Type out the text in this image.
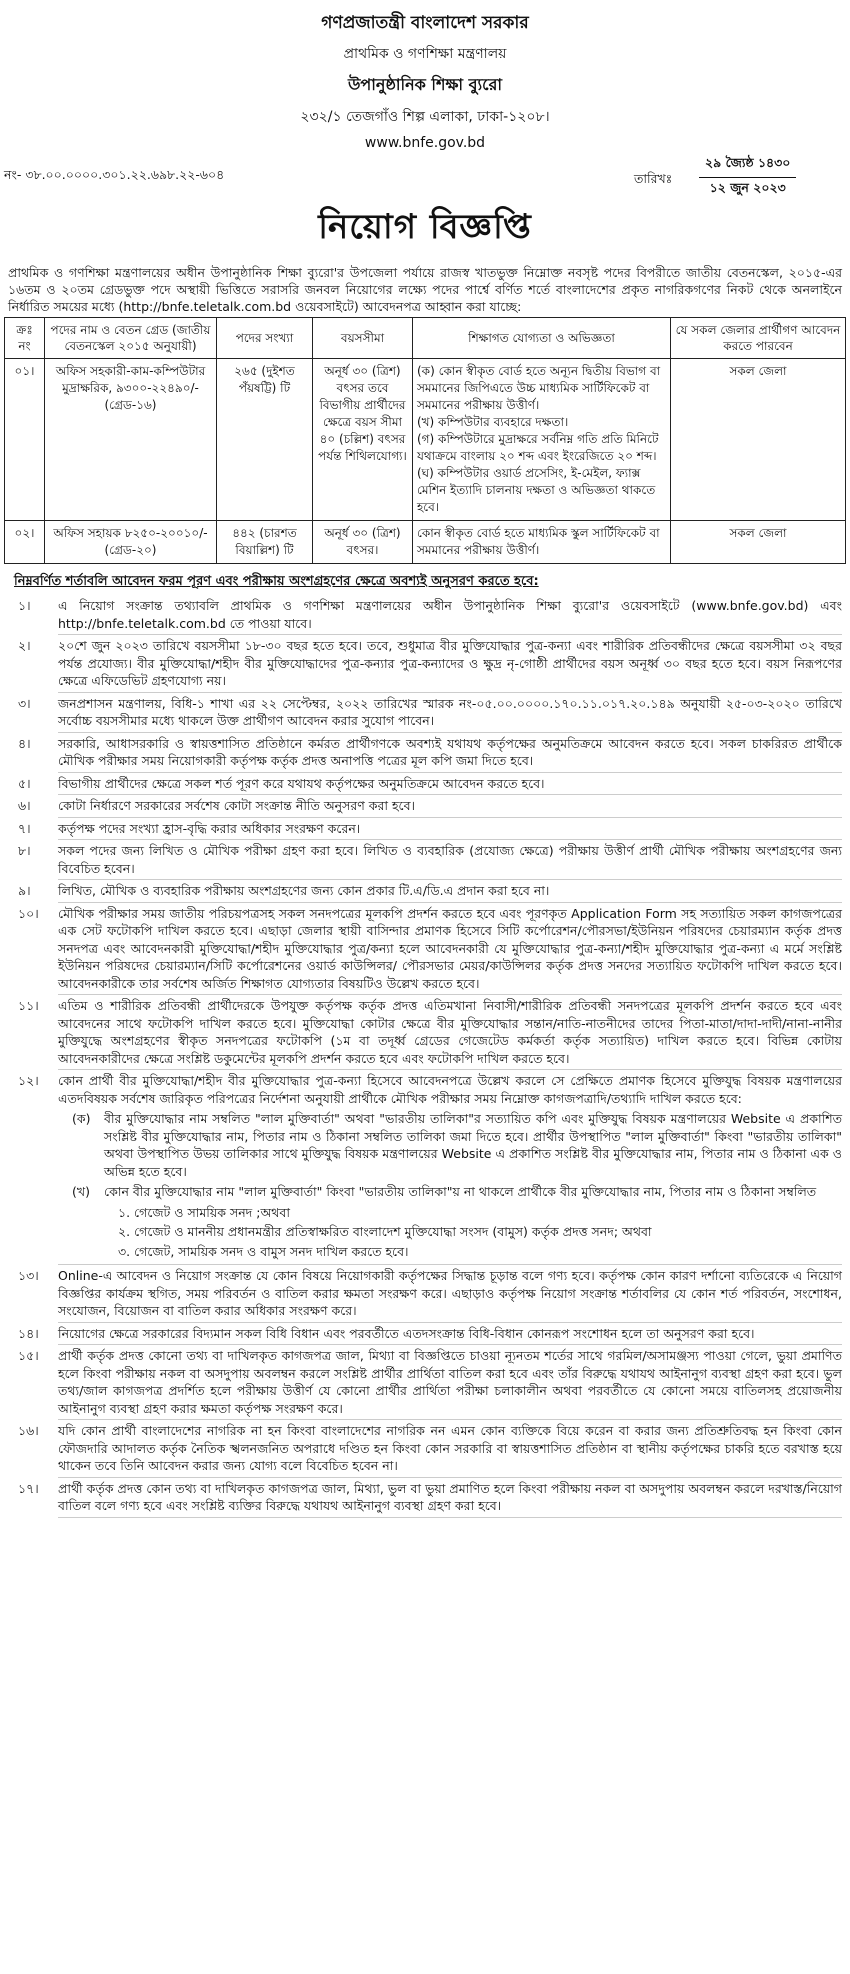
গণপ্রজাতন্ত্রী বাংলাদেশ সরকার
প্রাথমিক ও গণশিক্ষা মন্ত্রণালয়
উপানুষ্ঠানিক শিক্ষা ব্যুরো
২৩২/১ তেজগাঁও শিল্প এলাকা, ঢাকা-১২০৮।
www.bnfe.gov.bd
নং- ৩৮.০০.০০০০.৩০১.২২.৬৯৮.২২-৬০৪	তারিখঃ
২৯ জ্যৈষ্ঠ ১৪৩০
১২ জুন ২০২৩
নিয়োগ বিজ্ঞপ্তি
প্রাথমিক ও গণশিক্ষা মন্ত্রণালয়ের অধীন উপানুষ্ঠানিক শিক্ষা ব্যুরো'র উপজেলা পর্যায়ে রাজস্ব খাতভুক্ত নিম্নোক্ত নবসৃষ্ট পদের বিপরীতে জাতীয় বেতনস্কেল, ২০১৫-এর ১৬তম ও ২০তম গ্রেডভুক্ত পদে অস্থায়ী ভিত্তিতে সরাসরি জনবল নিয়োগের লক্ষ্যে পদের পার্শ্বে বর্ণিত শর্তে বাংলাদেশের প্রকৃত নাগরিকগণের নিকট থেকে অনলাইনে নির্ধারিত সময়ের মধ্যে (http://bnfe.teletalk.com.bd ওয়েবসাইটে) আবেদনপত্র আহ্বান করা যাচ্ছে:
ক্রঃ নং	পদের নাম ও বেতন গ্রেড (জাতীয় বেতনস্কেল ২০১৫ অনুযায়ী)	পদের সংখ্যা	বয়সসীমা	শিক্ষাগত যোগ্যতা ও অভিজ্ঞতা	যে সকল জেলার প্রার্থীগণ আবেদন করতে পারবেন
০১।	অফিস সহকারী-কাম-কম্পিউটার মুদ্রাক্ষরিক, ৯৩০০-২২৪৯০/- (গ্রেড-১৬)	২৬৫ (দুইশত পঁয়ষট্টি) টি	অনূর্ধ ৩০ (ত্রিশ) বৎসর তবে বিভাগীয় প্রার্থীদের ক্ষেত্রে বয়স সীমা ৪০ (চল্লিশ) বৎসর পর্যন্ত শিথিলযোগ্য।	(ক) কোন স্বীকৃত বোর্ড হতে অন্যূন দ্বিতীয় বিভাগ বা সমমানের জিপিএতে উচ্চ মাধ্যমিক সার্টিফিকেট বা সমমানের পরীক্ষায় উত্তীর্ণ।
(খ) কম্পিউটার ব্যবহারে দক্ষতা।
(গ) কম্পিউটারে মুদ্রাক্ষরে সর্বনিম্ন গতি প্রতি মিনিটে যথাক্রমে বাংলায় ২০ শব্দ এবং ইংরেজিতে ২০ শব্দ।
(ঘ) কম্পিউটার ওয়ার্ড প্রসেসিং, ই-মেইল, ফ্যাক্স মেশিন ইত্যাদি চালনায় দক্ষতা ও অভিজ্ঞতা থাকতে হবে।	সকল জেলা
০২।	অফিস সহায়ক ৮২৫০-২০০১০/- (গ্রেড-২০)	৪৪২ (চারশত বিয়াল্লিশ) টি	অনূর্ধ ৩০ (ত্রিশ) বৎসর।	কোন স্বীকৃত বোর্ড হতে মাধ্যমিক স্কুল সার্টিফিকেট বা সমমানের পরীক্ষায় উত্তীর্ণ।	সকল জেলা
নিম্নবর্ণিত শর্তাবলি আবেদন ফরম পূরণ এবং পরীক্ষায় অংশগ্রহণের ক্ষেত্রে অবশ্যই অনুসরণ করতে হবে:
১।	এ নিয়োগ সংক্রান্ত তথ্যাবলি প্রাথমিক ও গণশিক্ষা মন্ত্রণালয়ের অধীন উপানুষ্ঠানিক শিক্ষা ব্যুরো'র ওয়েবসাইটে (www.bnfe.gov.bd) এবং http://bnfe.teletalk.com.bd তে পাওয়া যাবে।
২।	২০শে জুন ২০২৩ তারিখে বয়সসীমা ১৮-৩০ বছর হতে হবে। তবে, শুধুমাত্র বীর মুক্তিযোদ্ধার পুত্র-কন্যা এবং শারীরিক প্রতিবন্ধীদের ক্ষেত্রে বয়সসীমা ৩২ বছর পর্যন্ত প্রযোজ্য। বীর মুক্তিযোদ্ধা/শহীদ বীর মুক্তিযোদ্ধাদের পুত্র-কন্যার পুত্র-কন্যাদের ও ক্ষুদ্র নৃ-গোষ্ঠী প্রার্থীদের বয়স অনূর্ধ্ব ৩০ বছর হতে হবে। বয়স নিরূপণের ক্ষেত্রে এফিডেভিট গ্রহণযোগ্য নয়।
৩।	জনপ্রশাসন মন্ত্রণালয়, বিধি-১ শাখা এর ২২ সেপ্টেম্বর, ২০২২ তারিখের স্মারক নং-০৫.০০.০০০০.১৭০.১১.০১৭.২০.১৪৯ অনুযায়ী ২৫-০৩-২০২০ তারিখে সর্বোচ্চ বয়সসীমার মধ্যে থাকলে উক্ত প্রার্থীগণ আবেদন করার সুযোগ পাবেন।
৪।	সরকারি, আধাসরকারি ও স্বায়ত্তশাসিত প্রতিষ্ঠানে কর্মরত প্রার্থীগণকে অবশ্যই যথাযথ কর্তৃপক্ষের অনুমতিক্রমে আবেদন করতে হবে। সকল চাকরিরত প্রার্থীকে মৌখিক পরীক্ষার সময় নিয়োগকারী কর্তৃপক্ষ কর্তৃক প্রদত্ত অনাপত্তি পত্রের মূল কপি জমা দিতে হবে।
৫।	বিভাগীয় প্রার্থীদের ক্ষেত্রে সকল শর্ত পূরণ করে যথাযথ কর্তৃপক্ষের অনুমতিক্রমে আবেদন করতে হবে।
৬।	কোটা নির্ধারণে সরকারের সর্বশেষ কোটা সংক্রান্ত নীতি অনুসরণ করা হবে।
৭।	কর্তৃপক্ষ পদের সংখ্যা হ্রাস-বৃদ্ধি করার অধিকার সংরক্ষণ করেন।
৮।	সকল পদের জন্য লিখিত ও মৌখিক পরীক্ষা গ্রহণ করা হবে। লিখিত ও ব্যবহারিক (প্রযোজ্য ক্ষেত্রে) পরীক্ষায় উত্তীর্ণ প্রার্থী মৌখিক পরীক্ষায় অংশগ্রহণের জন্য বিবেচিত হবেন।
৯।	লিখিত, মৌখিক ও ব্যবহারিক পরীক্ষায় অংশগ্রহণের জন্য কোন প্রকার টি.এ/ডি.এ প্রদান করা হবে না।
১০।	মৌখিক পরীক্ষার সময় জাতীয় পরিচয়পত্রসহ সকল সনদপত্রের মূলকপি প্রদর্শন করতে হবে এবং পূরণকৃত Application Form সহ সত্যায়িত সকল কাগজপত্রের এক সেট ফটোকপি দাখিল করতে হবে। এছাড়া জেলার স্থায়ী বাসিন্দার প্রমাণক হিসেবে সিটি কর্পোরেশন/পৌরসভা/ইউনিয়ন পরিষদের চেয়ারম্যান কর্তৃক প্রদত্ত সনদপত্র এবং আবেদনকারী মুক্তিযোদ্ধা/শহীদ মুক্তিযোদ্ধার পুত্র/কন্যা হলে আবেদনকারী যে মুক্তিযোদ্ধার পুত্র-কন্যা/শহীদ মুক্তিযোদ্ধার পুত্র-কন্যা এ মর্মে সংশ্লিষ্ট ইউনিয়ন পরিষদের চেয়ারম্যান/সিটি কর্পোরেশনের ওয়ার্ড কাউন্সিলর/ পৌরসভার মেয়র/কাউন্সিলর কর্তৃক প্রদত্ত সনদের সত্যায়িত ফটোকপি দাখিল করতে হবে। আবেদনকারীকে তার সর্বশেষ অর্জিত শিক্ষাগত যোগ্যতার বিষয়টিও উল্লেখ করতে হবে।
১১।	এতিম ও শারীরিক প্রতিবন্ধী প্রার্থীদেরকে উপযুক্ত কর্তৃপক্ষ কর্তৃক প্রদত্ত এতিমখানা নিবাসী/শারীরিক প্রতিবন্ধী সনদপত্রের মূলকপি প্রদর্শন করতে হবে এবং আবেদনের সাথে ফটোকপি দাখিল করতে হবে। মুক্তিযোদ্ধা কোটার ক্ষেত্রে বীর মুক্তিযোদ্ধার সন্তান/নাতি-নাতনীদের তাদের পিতা-মাতা/দাদা-দাদী/নানা-নানীর মুক্তিযুদ্ধে অংশগ্রহণের স্বীকৃত সনদপত্রের ফটোকপি (১ম বা তদূর্ধ্ব গ্রেডের গেজেটেড কর্মকর্তা কর্তৃক সত্যায়িত) দাখিল করতে হবে। বিভিন্ন কোটায় আবেদনকারীদের ক্ষেত্রে সংশ্লিষ্ট ডকুমেন্টের মূলকপি প্রদর্শন করতে হবে এবং ফটোকপি দাখিল করতে হবে।
১২।	কোন প্রার্থী বীর মুক্তিযোদ্ধা/শহীদ বীর মুক্তিযোদ্ধার পুত্র-কন্যা হিসেবে আবেদনপত্রে উল্লেখ করলে সে প্রেক্ষিতে প্রমাণক হিসেবে মুক্তিযুদ্ধ বিষয়ক মন্ত্রণালয়ের এতদবিষয়ক সর্বশেষ জারিকৃত পরিপত্রের নির্দেশনা অনুযায়ী প্রার্থীকে মৌখিক পরীক্ষার সময় নিম্নোক্ত কাগজপত্রাদি/তথ্যাদি দাখিল করতে হবে:
(ক)	বীর মুক্তিযোদ্ধার নাম সম্বলিত "লাল মুক্তিবার্তা" অথবা "ভারতীয় তালিকা"র সত্যায়িত কপি এবং মুক্তিযুদ্ধ বিষয়ক মন্ত্রণালয়ের Website এ প্রকাশিত সংশ্লিষ্ট বীর মুক্তিযোদ্ধার নাম, পিতার নাম ও ঠিকানা সম্বলিত তালিকা জমা দিতে হবে। প্রার্থীর উপস্থাপিত "লাল মুক্তিবার্তা" কিংবা "ভারতীয় তালিকা" অথবা উপস্থাপিত উভয় তালিকার সাথে মুক্তিযুদ্ধ বিষয়ক মন্ত্রণালয়ের Website এ প্রকাশিত সংশ্লিষ্ট বীর মুক্তিযোদ্ধার নাম, পিতার নাম ও ঠিকানা এক ও অভিন্ন হতে হবে।
(খ)	কোন বীর মুক্তিযোদ্ধার নাম "লাল মুক্তিবার্তা" কিংবা "ভারতীয় তালিকা"য় না থাকলে প্রার্থীকে বীর মুক্তিযোদ্ধার নাম, পিতার নাম ও ঠিকানা সম্বলিত
১. গেজেট ও সাময়িক সনদ ;অথবা
২. গেজেট ও মাননীয় প্রধানমন্ত্রীর প্রতিস্বাক্ষরিত বাংলাদেশ মুক্তিযোদ্ধা সংসদ (বামুস) কর্তৃক প্রদত্ত সনদ; অথবা
৩. গেজেট, সাময়িক সনদ ও বামুস সনদ দাখিল করতে হবে।
১৩।	Online-এ আবেদন ও নিয়োগ সংক্রান্ত যে কোন বিষয়ে নিয়োগকারী কর্তৃপক্ষের সিদ্ধান্ত চূড়ান্ত বলে গণ্য হবে। কর্তৃপক্ষ কোন কারণ দর্শানো ব্যতিরেকে এ নিয়োগ বিজ্ঞপ্তির কার্যক্রম স্থগিত, সময় পরিবর্তন ও বাতিল করার ক্ষমতা সংরক্ষণ করে। এছাড়াও কর্তৃপক্ষ নিয়োগ সংক্রান্ত শর্তাবলির যে কোন শর্ত পরিবর্তন, সংশোধন, সংযোজন, বিয়োজন বা বাতিল করার অধিকার সংরক্ষণ করে।
১৪।	নিয়োগের ক্ষেত্রে সরকারের বিদ্যমান সকল বিধি বিধান এবং পরবর্তীতে এতদসংক্রান্ত বিধি-বিধান কোনরূপ সংশোধন হলে তা অনুসরণ করা হবে।
১৫।	প্রার্থী কর্তৃক প্রদত্ত কোনো তথ্য বা দাখিলকৃত কাগজপত্র জাল, মিথ্যা বা বিজ্ঞপ্তিতে চাওয়া ন্যূনতম শর্তের সাথে গরমিল/অসামঞ্জস্য পাওয়া গেলে, ভুয়া প্রমাণিত হলে কিংবা পরীক্ষায় নকল বা অসদুপায় অবলম্বন করলে সংশ্লিষ্ট প্রার্থীর প্রার্থিতা বাতিল করা হবে এবং তাঁর বিরুদ্ধে যথাযথ আইনানুগ ব্যবস্থা গ্রহণ করা হবে। ভুল তথ্য/জাল কাগজপত্র প্রদর্শিত হলে পরীক্ষায় উত্তীর্ণ যে কোনো প্রার্থীর প্রার্থিতা পরীক্ষা চলাকালীন অথবা পরবর্তীতে যে কোনো সময়ে বাতিলসহ প্রয়োজনীয় আইনানুগ ব্যবস্থা গ্রহণ করার ক্ষমতা কর্তৃপক্ষ সংরক্ষণ করে।
১৬।	যদি কোন প্রার্থী বাংলাদেশের নাগরিক না হন কিংবা বাংলাদেশের নাগরিক নন এমন কোন ব্যক্তিকে বিয়ে করেন বা করার জন্য প্রতিশ্রুতিবদ্ধ হন কিংবা কোন ফৌজদারি আদালত কর্তৃক নৈতিক স্খলনজনিত অপরাধে দণ্ডিত হন কিংবা কোন সরকারি বা স্বায়ত্তশাসিত প্রতিষ্ঠান বা স্থানীয় কর্তৃপক্ষের চাকরি হতে বরখাস্ত হয়ে থাকেন তবে তিনি আবেদন করার জন্য যোগ্য বলে বিবেচিত হবেন না।
১৭।	প্রার্থী কর্তৃক প্রদত্ত কোন তথ্য বা দাখিলকৃত কাগজপত্র জাল, মিথ্যা, ভুল বা ভুয়া প্রমাণিত হলে কিংবা পরীক্ষায় নকল বা অসদুপায় অবলম্বন করলে দরখাস্ত/নিয়োগ বাতিল বলে গণ্য হবে এবং সংশ্লিষ্ট ব্যক্তির বিরুদ্ধে যথাযথ আইনানুগ ব্যবস্থা গ্রহণ করা হবে।
